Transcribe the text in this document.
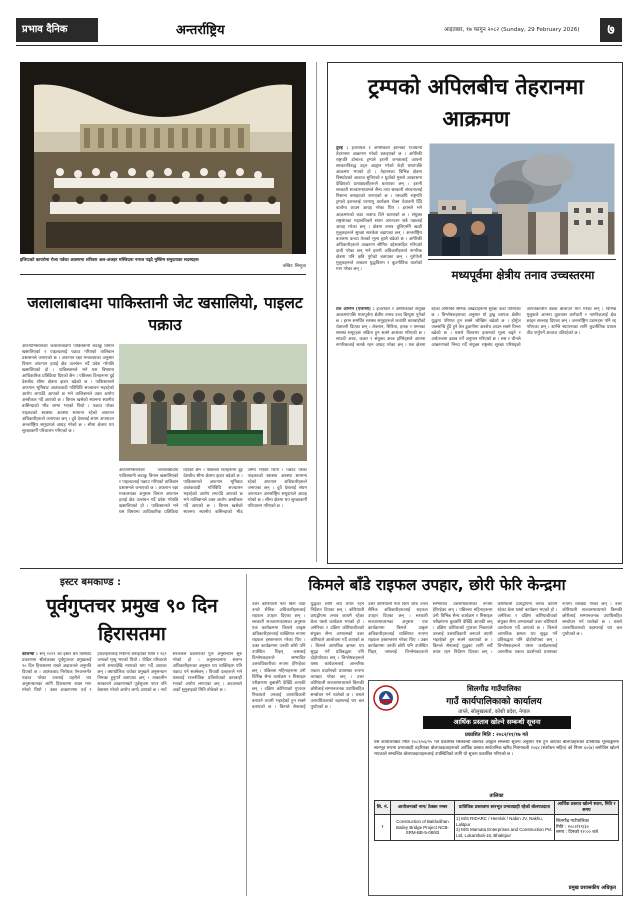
प्रभाव दैनिक	अन्तर्राष्ट्रिय	आइतबार, १७ फागुन २०८२ (Sunday, 29 February 2026)	७
इजिप्टको कायरोमा रोजा पर्वका अवसरमा शनिबार अल-अजहर मस्जिदमा नमाज पढ्दै मुस्लिम समुदायका सदस्यहरू
तस्बिर: सिन्हुवा
ट्रम्पको अपिलबीच तेहरानमा आक्रमण
दुबई : इजरायल र अमेरिकाले इरानको राजधानी तेहरानमा आक्रमण गरेको बताइएको छ । अमेरिकी राष्ट्रपति डोनाल्ड ट्रम्पले इरानी जनतालाई आफ्नो सरकारविरुद्ध उठ्न आह्वान गरेको केही घण्टापछि आक्रमण भएको हो । तेहरानका विभिन्न क्षेत्रमा विस्फोटको आवाज सुनिएको र धुवाँको मुस्लो आकाशमा देखिएको प्रत्यक्षदर्शीहरूले बताएका छन् । इरानी सरकारी सञ्चारमाध्यमले सैन्य तथा सरकारी संरचनालाई निशाना बनाइएको जनाएको छ । यसअघि राष्ट्रपति ट्रम्पले इरानलाई परमाणु कार्यक्रम रोक्न चेतावनी दिँदै वार्तामा आउन आग्रह गरेका थिए । इरानले भने आक्रमणको कडा जवाफ दिने बताएको छ । संयुक्त राष्ट्रसंघका महासचिवले संयम अपनाउन सबै पक्षलाई आग्रह गरेका छन् । क्षेत्रमा तनाव चुलिएसँगै खाडी मुलुकहरूले सुरक्षा सतर्कता बढाएका छन् । अन्तर्राष्ट्रिय बजारमा कच्चा तेलको मूल्य ह्वात्तै बढेको छ । अमेरिकी अधिकारीहरूले आक्रमण सीमित उद्देश्यसहित गरिएको दाबी गरेका छन् भने इरानी अधिकारीहरूले नागरिक क्षेत्रमा पनि क्षति पुगेको बताएका छन् । युरोपेली मुलुकहरूले तत्काल युद्धविराम र कूटनीतिक वार्ताको माग गरेका छन् ।	मध्यपूर्वमा क्षेत्रीय तनाव उच्चस्तरमा
तेल अभिभ (एजेन्सी) : इजरायल र अमेरिकाको संयुक्त आक्रमणपछि मध्यपूर्वमा क्षेत्रीय तनाव उच्च बिन्दुमा पुगेको छ । इरान समर्थित सशस्त्र समूहहरूले जवाफी कारबाहीको चेतावनी दिएका छन् । लेबनान, सिरिया, इराक र यमनका सशस्त्र समूहहरू सक्रिय हुन सक्ने आशंका गरिएको छ । साउदी अरब, कतार र संयुक्त अरब इमिरेट्सले आफ्ना नागरिकलाई सतर्क रहन आग्रह गरेका छन् । यस क्षेत्रमा रहेका अमेरिकी सैनिक अखडाहरूमा सुरक्षा कडा पारिएको छ । विश्लेषकहरूका अनुसार यो द्वन्द्व व्यापक क्षेत्रीय युद्धमा परिणत हुन सक्ने जोखिम बढेको छ । होर्मुज जलसन्धि हुँदै हुने तेल ढुवानीमा अवरोध आउन सक्ने चिन्ता बढेको छ । यसले विश्वभर इन्धनको मूल्य बढ्ने र अर्थतन्त्रमा दबाब पर्ने अनुमान गरिएको छ । रुस र चीनले आक्रमणको निन्दा गर्दै संयुक्त राष्ट्रसंघ सुरक्षा परिषद्को आपतकालीन बैठक बोलाउन माग गरेका छन् । विभिन्न मुलुकले आफ्ना दूतावास कर्मचारी र नागरिकलाई क्षेत्र छाड्न सल्लाह दिएका छन् । अन्तर्राष्ट्रिय उडानहरू पनि रद्द गरिएका छन् । शान्ति स्थापनाका लागि कूटनीतिक प्रयास तीव्र पार्नुपर्ने आवाज उठिरहेको छ ।
जलालाबादमा पाकिस्तानी जेट खसालियो, पाइलट पक्राउ
अफगानिस्तानको जलालाबादमा पाकिस्तानी लडाकु विमान खसालिएको र पाइलटलाई पक्राउ गरिएको तालिबान प्रशासनले जनाएको छ । अफगान रक्षा मन्त्रालयका अनुसार विमान अफगान हवाई क्षेत्र उल्लंघन गर्दै प्रवेश गरेपछि खसालिएको हो । पाकिस्तानले भने यस विषयमा आधिकारिक प्रतिक्रिया दिएको छैन । पछिल्ला दिनहरूमा दुई देशबीच सीमा क्षेत्रमा झडप बढेको छ । पाकिस्तानले अफगान भूमिबाट आतंकवादी गतिविधि सञ्चालन भइरहेको आरोप लगाउँदै आएको छ भने तालिबानले उक्त आरोप अस्वीकार गर्दै आएको छ । विमान खसेको स्थानमा स्थानीय बासिन्दाको भीड जम्मा भएको थियो । पक्राउ परेका पाइलटको स्वास्थ्य अवस्था सामान्य रहेको अफगान अधिकारीहरूले जनाएका छन् । दुवै देशलाई संयम अपनाउन अन्तर्राष्ट्रिय समुदायले आग्रह गरेको छ । सीमा क्षेत्रमा थप सुरक्षाकर्मी परिचालन गरिएको छ ।
अफगानिस्तानको जलालाबादमा पाकिस्तानी लडाकु विमान खसालिएको र पाइलटलाई पक्राउ गरिएको तालिबान प्रशासनले जनाएको छ । अफगान रक्षा मन्त्रालयका अनुसार विमान अफगान हवाई क्षेत्र उल्लंघन गर्दै प्रवेश गरेपछि खसालिएको हो । पाकिस्तानले भने यस विषयमा आधिकारिक प्रतिक्रिया दिएको छैन । पछिल्ला दिनहरूमा दुई देशबीच सीमा क्षेत्रमा झडप बढेको छ । पाकिस्तानले अफगान भूमिबाट आतंकवादी गतिविधि सञ्चालन भइरहेको आरोप लगाउँदै आएको छ भने तालिबानले उक्त आरोप अस्वीकार गर्दै आएको छ । विमान खसेको स्थानमा स्थानीय बासिन्दाको भीड जम्मा भएको थियो । पक्राउ परेका पाइलटको स्वास्थ्य अवस्था सामान्य रहेको अफगान अधिकारीहरूले जनाएका छन् । दुवै देशलाई संयम अपनाउन अन्तर्राष्ट्रिय समुदायले आग्रह गरेको छ । सीमा क्षेत्रमा थप सुरक्षाकर्मी परिचालन गरिएको छ ।
इस्टर बमकाण्ड :
पूर्वगुप्तचर प्रमुख ९० दिन हिरासतमा
कोलम्बो : सन् २०१९ को इस्टर बम विस्फोट प्रकरणमा श्रीलंकाका पूर्वगुप्तचर प्रमुखलाई ९० दिन हिरासतमा राख्ने अदालतले अनुमति दिएको छ । आतंकवाद निरोधक ऐनअन्तर्गत पक्राउ परेका उनलाई प्रहरीले थप अनुसन्धानका लागि हिरासतमा राख्न माग गरेको थियो । उक्त आक्रमणमा चर्च र होटलहरूलाई निशाना बनाइएको थियो र २६९ जनाको मृत्यु भएको थियो । पीडित परिवारले लामो समयदेखि न्यायको माग गर्दै आएका छन् । क्याथोलिक चर्चका प्रमुखले अनुसन्धान निष्पक्ष हुनुपर्ने बताएका छन् । तत्कालीन सरकारले आक्रमणबारे पूर्वसूचना पाएर पनि बेवास्ता गरेको आरोप लाग्दै आएको छ । नयाँ सरकारले प्रकरणको पुनः अनुसन्धान सुरु गरेको हो । अनुसन्धानमा संलग्न अधिकारीहरूका अनुसार थप व्यक्तिहरू पनि पक्राउ पर्न सक्नेछन् । विपक्षी दलहरूले भने यसलाई राजनीतिक प्रतिशोधको कारबाही भएको आरोप लगाएका छन् । अदालतले अर्को सुनुवाइको मिति तोकेको छ ।
किमले बाँडे राइफल उपहार, छोरी फेरि केन्द्रमा
उत्तर कोरियाली नेता किम जोङ उनले सैनिक अधिकारीहरूलाई राइफल उपहार दिएका छन् । सरकारी सञ्चारमाध्यमका अनुसार एक कार्यक्रममा किमले उत्कृष्ट अधिकारीहरूलाई व्यक्तिगत रूपमा राइफल हस्तान्तरण गरेका थिए । उक्त कार्यक्रममा उनकी छोरी पनि उपस्थित थिइन् जसलाई विश्लेषकहरूले सम्भावित उत्तराधिकारीका रूपमा हेरिरहेका छन् । पछिल्ला महिनाहरूमा उनी विभिन्न सैन्य कार्यक्रम र मिसाइल परीक्षणमा बुबासँगै देखिँदै आएकी छन् । दक्षिण कोरियाको गुप्तचर निकायले उनलाई उत्तराधिकारी बनाउने तयारी भइरहेको हुन सक्ने बताएको छ । किमले सेनालाई युद्धका लागि सधैँ तयार रहन निर्देशन दिएका छन् । कोरियाली प्रायद्वीपमा तनाव कायमै रहेका बेला यस्तो कार्यक्रम भएको हो । अमेरिका र दक्षिण कोरियाबीचको संयुक्त सैन्य अभ्यासको उत्तर कोरियाले आलोचना गर्दै आएको छ । किमले आणविक क्षमता थप सुदृढ गर्ने प्रतिबद्धता पनि दोहोर्याएका छन् । विश्लेषकहरूले यस्ता कार्यक्रमलाई आन्तरिक एकता प्रदर्शनको प्रयासका रूपमा व्याख्या गरेका छन् । उत्तर कोरियाली सञ्चारमाध्यमले किमकी छोरीलाई सम्मानजनक उपाधिसहित सम्बोधन गर्न थालेको छ । यसले उत्तराधिकारको बहसलाई थप बल पुर्याएको छ ।
उत्तर कोरियाली नेता किम जोङ उनले सैनिक अधिकारीहरूलाई राइफल उपहार दिएका छन् । सरकारी सञ्चारमाध्यमका अनुसार एक कार्यक्रममा किमले उत्कृष्ट अधिकारीहरूलाई व्यक्तिगत रूपमा राइफल हस्तान्तरण गरेका थिए । उक्त कार्यक्रममा उनकी छोरी पनि उपस्थित थिइन् जसलाई विश्लेषकहरूले सम्भावित उत्तराधिकारीका रूपमा हेरिरहेका छन् । पछिल्ला महिनाहरूमा उनी विभिन्न सैन्य कार्यक्रम र मिसाइल परीक्षणमा बुबासँगै देखिँदै आएकी छन् । दक्षिण कोरियाको गुप्तचर निकायले उनलाई उत्तराधिकारी बनाउने तयारी भइरहेको हुन सक्ने बताएको छ । किमले सेनालाई युद्धका लागि सधैँ तयार रहन निर्देशन दिएका छन् । कोरियाली प्रायद्वीपमा तनाव कायमै रहेका बेला यस्तो कार्यक्रम भएको हो । अमेरिका र दक्षिण कोरियाबीचको संयुक्त सैन्य अभ्यासको उत्तर कोरियाले आलोचना गर्दै आएको छ । किमले आणविक क्षमता थप सुदृढ गर्ने प्रतिबद्धता पनि दोहोर्याएका छन् । विश्लेषकहरूले यस्ता कार्यक्रमलाई आन्तरिक एकता प्रदर्शनको प्रयासका रूपमा व्याख्या गरेका छन् । उत्तर कोरियाली सञ्चारमाध्यमले किमकी छोरीलाई सम्मानजनक उपाधिसहित सम्बोधन गर्न थालेको छ । यसले उत्तराधिकारको बहसलाई थप बल पुर्याएको छ ।
सिलगौढ गाउँपालिका
गाउँ कार्यपालिकाको कार्यालय
ताप्ले, सोलुखलर्ता, कोशी प्रदेश, नेपाल
आर्थिक प्रस्ताव खोल्ने सम्बन्धी सूचना
प्रकाशित मिति : २०८२/११/१७ गते
यस कार्यालयबाट मिति २०८२/०६/१५ गते प्रकाशित सिलबन्दी बोलपत्र आह्वान सम्बन्धी सूचना अनुसार पेश हुन आएका बोलपत्रहरूको प्राविधिक मूल्याङ्कनमा सारभूत रूपमा प्रभावग्राही ठहरिएका बोलपत्रदाताहरूको आर्थिक प्रस्ताव सार्वजनिक खरिद नियमावली २०६४ (संशोधन सहित) को नियम ६०(७) बमोजिम खोल्ने भएकाले सम्बन्धित बोलपत्रदाताहरूलाई उपस्थितिको लागि यो सूचना प्रकाशित गरिएको छ ।
तालिका
सि. नं.	आयोजनाको नाम/ ठेक्का नम्बर	प्राविधिक प्रस्तावमा सारभूत प्रभावग्राही रहेको बोलपत्रदाता	आर्थिक प्रस्ताव खोल्ने स्थान, मिति र समय
१	Construction of Bakhulihan Bailey Bridge Project NCB-SRM-BB-5-08/83	1) M/S RIDARC / Hemlok / Nabin JV, Nakhu, Lalitpur
2) M/S Mamata Enterprises and Construction Pvt. Ltd, Lokanthali-16, Bhaktpur	सिलगौढ गाउँपालिका
मिति : २०८२/११/३०
समय : दिनको १२:०० बजे
प्रमुख प्रशासकीय अधिकृत
